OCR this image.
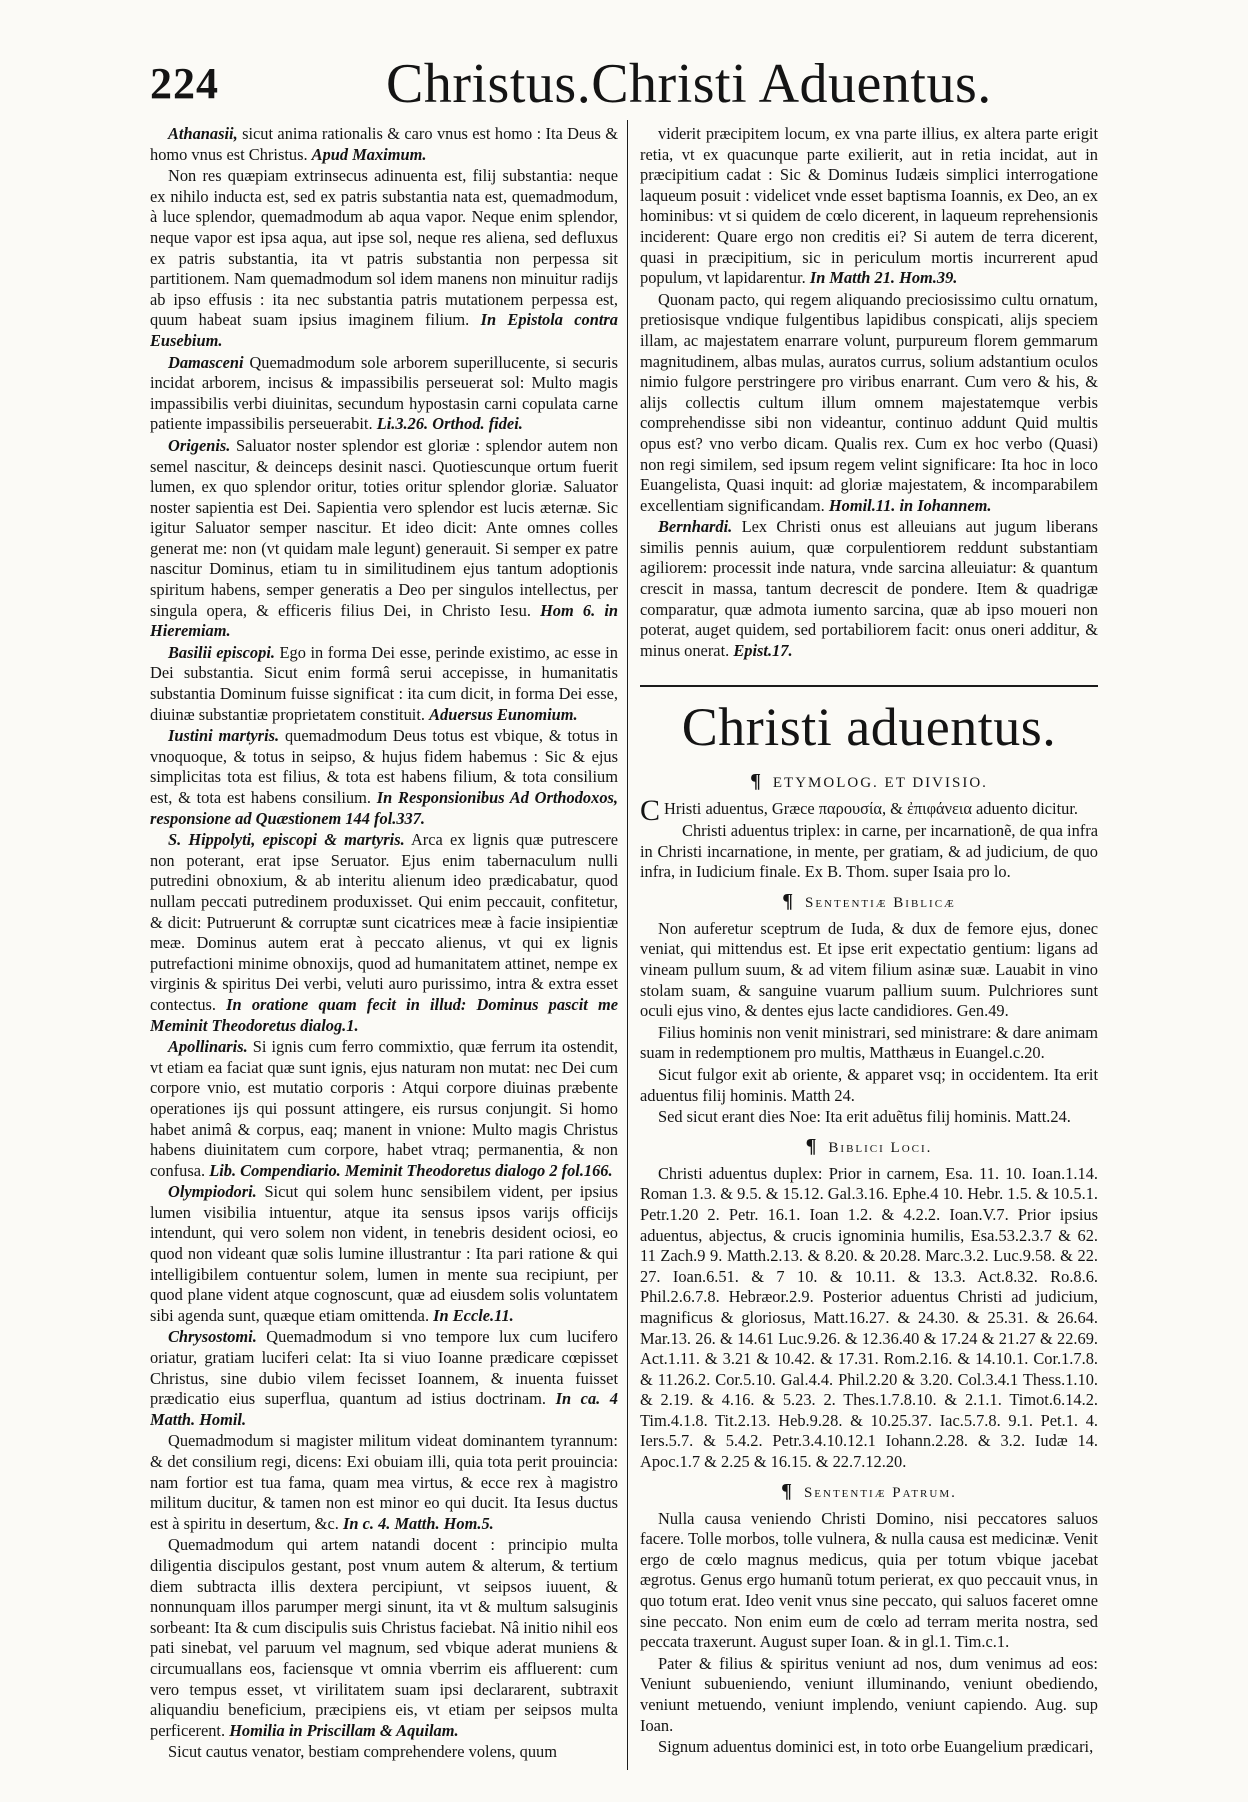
224	Christus.Christi Aduentus.

Athanasii, sicut anima rationalis & caro vnus est homo : Ita Deus & homo vnus est Christus. Apud Maximum.

Non res quæpiam extrinsecus adinuenta est, filij substantia: neque ex nihilo inducta est, sed ex patris substantia nata est, quemadmodum, à luce splendor, quemadmodum ab aqua vapor. Neque enim splendor, neque vapor est ipsa aqua, aut ipse sol, neque res aliena, sed defluxus ex patris substantia, ita vt patris substantia non perpessa sit partitionem. Nam quemadmodum sol idem manens non minuitur radijs ab ipso effusis : ita nec substantia patris mutationem perpessa est, quum habeat suam ipsius imaginem filium. In Epistola contra Eusebium.

Damasceni Quemadmodum sole arborem superillucente, si securis incidat arborem, incisus & impassibilis perseuerat sol: Multo magis impassibilis verbi diuinitas, secundum hypostasin carni copulata carne patiente impassibilis perseuerabit. Li.3.26. Orthod. fidei.

Origenis. Saluator noster splendor est gloriæ : splendor autem non semel nascitur, & deinceps desinit nasci. Quotiescunque ortum fuerit lumen, ex quo splendor oritur, toties oritur splendor gloriæ. Saluator noster sapientia est Dei. Sapientia vero splendor est lucis æternæ. Sic igitur Saluator semper nascitur. Et ideo dicit: Ante omnes colles generat me: non (vt quidam male legunt) generauit. Si semper ex patre nascitur Dominus, etiam tu in similitudinem ejus tantum adoptionis spiritum habens, semper generatis a Deo per singulos intellectus, per singula opera, & efficeris filius Dei, in Christo Iesu. Hom 6. in Hieremiam.

Basilii episcopi. Ego in forma Dei esse, perinde existimo, ac esse in Dei substantia. Sicut enim formâ serui accepisse, in humanitatis substantia Dominum fuisse significat : ita cum dicit, in forma Dei esse, diuinæ substantiæ proprietatem constituit. Aduersus Eunomium.

Iustini martyris. quemadmodum Deus totus est vbique, & totus in vnoquoque, & totus in seipso, & hujus fidem habemus : Sic & ejus simplicitas tota est filius, & tota est habens filium, & tota consilium est, & tota est habens consilium. In Responsionibus Ad Orthodoxos, responsione ad Quæstionem 144 fol.337.

S. Hippolyti, episcopi & martyris. Arca ex lignis quæ putrescere non poterant, erat ipse Seruator. Ejus enim tabernaculum nulli putredini obnoxium, & ab interitu alienum ideo prædicabatur, quod nullam peccati putredinem produxisset. Qui enim peccauit, confitetur, & dicit: Putruerunt & corruptæ sunt cicatrices meæ à facie insipientiæ meæ. Dominus autem erat à peccato alienus, vt qui ex lignis putrefactioni minime obnoxijs, quod ad humanitatem attinet, nempe ex virginis & spiritus Dei verbi, veluti auro purissimo, intra & extra esset contectus. In oratione quam fecit in illud: Dominus pascit me Meminit Theodoretus dialog.1.

Apollinaris. Si ignis cum ferro commixtio, quæ ferrum ita ostendit, vt etiam ea faciat quæ sunt ignis, ejus naturam non mutat: nec Dei cum corpore vnio, est mutatio corporis : Atqui corpore diuinas præbente operationes ijs qui possunt attingere, eis rursus conjungit. Si homo habet animâ & corpus, eaq; manent in vnione: Multo magis Christus habens diuinitatem cum corpore, habet vtraq; permanentia, & non confusa. Lib. Compendiario. Meminit Theodoretus dialogo 2 fol.166.

Olympiodori. Sicut qui solem hunc sensibilem vident, per ipsius lumen visibilia intuentur, atque ita sensus ipsos varijs officijs intendunt, qui vero solem non vident, in tenebris desident ociosi, eo quod non videant quæ solis lumine illustrantur : Ita pari ratione & qui intelligibilem contuentur solem, lumen in mente sua recipiunt, per quod plane vident atque cognoscunt, quæ ad eiusdem solis voluntatem sibi agenda sunt, quæque etiam omittenda. In Eccle.11.

Chrysostomi. Quemadmodum si vno tempore lux cum lucifero oriatur, gratiam luciferi celat: Ita si viuo Ioanne prædicare cœpisset Christus, sine dubio vilem fecisset Ioannem, & inuenta fuisset prædicatio eius superflua, quantum ad istius doctrinam. In ca. 4 Matth. Homil.

Quemadmodum si magister militum videat dominantem tyrannum: & det consilium regi, dicens: Exi obuiam illi, quia tota perit prouincia: nam fortior est tua fama, quam mea virtus, & ecce rex à magistro militum ducitur, & tamen non est minor eo qui ducit. Ita Iesus ductus est à spiritu in desertum, &c. In c. 4. Matth. Hom.5.

Quemadmodum qui artem natandi docent : principio multa diligentia discipulos gestant, post vnum autem & alterum, & tertium diem subtracta illis dextera percipiunt, vt seipsos iuuent, & nonnunquam illos parumper mergi sinunt, ita vt & multum salsuginis sorbeant: Ita & cum discipulis suis Christus faciebat. Nâ initio nihil eos pati sinebat, vel paruum vel magnum, sed vbique aderat muniens & circumuallans eos, faciensque vt omnia vberrim eis affluerent: cum vero tempus esset, vt virilitatem suam ipsi declararent, subtraxit aliquandiu beneficium, præcipiens eis, vt etiam per seipsos multa perficerent. Homilia in Priscillam & Aquilam.

Sicut cautus venator, bestiam comprehendere volens, quum

viderit præcipitem locum, ex vna parte illius, ex altera parte erigit retia, vt ex quacunque parte exilierit, aut in retia incidat, aut in præcipitium cadat : Sic & Dominus Iudæis simplici interrogatione laqueum posuit : videlicet vnde esset baptisma Ioannis, ex Deo, an ex hominibus: vt si quidem de cœlo dicerent, in laqueum reprehensionis inciderent: Quare ergo non creditis ei? Si autem de terra dicerent, quasi in præcipitium, sic in periculum mortis incurrerent apud populum, vt lapidarentur. In Matth 21. Hom.39.

Quonam pacto, qui regem aliquando preciosissimo cultu ornatum, pretiosisque vndique fulgentibus lapidibus conspicati, alijs speciem illam, ac majestatem enarrare volunt, purpureum florem gemmarum magnitudinem, albas mulas, auratos currus, solium adstantium oculos nimio fulgore perstringere pro viribus enarrant. Cum vero & his, & alijs collectis cultum illum omnem majestatemque verbis comprehendisse sibi non videantur, continuo addunt Quid multis opus est? vno verbo dicam. Qualis rex. Cum ex hoc verbo (Quasi) non regi similem, sed ipsum regem velint significare: Ita hoc in loco Euangelista, Quasi inquit: ad gloriæ majestatem, & incomparabilem excellentiam significandam. Homil.11. in Iohannem.

Bernhardi. Lex Christi onus est alleuians aut jugum liberans similis pennis auium, quæ corpulentiorem reddunt substantiam agiliorem: processit inde natura, vnde sarcina alleuiatur: & quantum crescit in massa, tantum decrescit de pondere. Item & quadrigæ comparatur, quæ admota iumento sarcina, quæ ab ipso moueri non poterat, auget quidem, sed portabiliorem facit: onus oneri additur, & minus onerat. Epist.17.

Christi aduentus.
¶ ETYMOLOG. ET DIVISIO.

C Hristi aduentus, Græce παρουσία, & ἐπιφάνεια aduento dicitur.

Christi aduentus triplex: in carne, per incarnationẽ, de qua infra in Christi incarnatione, in mente, per gratiam, & ad judicium, de quo infra, in Iudicium finale. Ex B. Thom. super Isaia pro lo.

¶ Sententiæ Biblicæ

Non auferetur sceptrum de Iuda, & dux de femore ejus, donec veniat, qui mittendus est. Et ipse erit expectatio gentium: ligans ad vineam pullum suum, & ad vitem filium asinæ suæ. Lauabit in vino stolam suam, & sanguine vuarum pallium suum. Pulchriores sunt oculi ejus vino, & dentes ejus lacte candidiores. Gen.49.

Filius hominis non venit ministrari, sed ministrare: & dare animam suam in redemptionem pro multis, Matthæus in Euangel.c.20.

Sicut fulgor exit ab oriente, & apparet vsq; in occidentem. Ita erit aduentus filij hominis. Matth 24.

Sed sicut erant dies Noe: Ita erit aduẽtus filij hominis. Matt.24.

¶ Biblici Loci.

Christi aduentus duplex: Prior in carnem, Esa. 11. 10. Ioan.1.14. Roman 1.3. & 9.5. & 15.12. Gal.3.16. Ephe.4 10. Hebr. 1.5. & 10.5.1. Petr.1.20 2. Petr. 16.1. Ioan 1.2. & 4.2.2. Ioan.V.7. Prior ipsius aduentus, abjectus, & crucis ignominia humilis, Esa.53.2.3.7 & 62. 11 Zach.9 9. Matth.2.13. & 8.20. & 20.28. Marc.3.2. Luc.9.58. & 22. 27. Ioan.6.51. & 7 10. & 10.11. & 13.3. Act.8.32. Ro.8.6. Phil.2.6.7.8. Hebræor.2.9. Posterior aduentus Christi ad judicium, magnificus & gloriosus, Matt.16.27. & 24.30. & 25.31. & 26.64. Mar.13. 26. & 14.61 Luc.9.26. & 12.36.40 & 17.24 & 21.27 & 22.69. Act.1.11. & 3.21 & 10.42. & 17.31. Rom.2.16. & 14.10.1. Cor.1.7.8. & 11.26.2. Cor.5.10. Gal.4.4. Phil.2.20 & 3.20. Col.3.4.1 Thess.1.10. & 2.19. & 4.16. & 5.23. 2. Thes.1.7.8.10. & 2.1.1. Timot.6.14.2. Tim.4.1.8. Tit.2.13. Heb.9.28. & 10.25.37. Iac.5.7.8. 9.1. Pet.1. 4. Iers.5.7. & 5.4.2. Petr.3.4.10.12.1 Iohann.2.28. & 3.2. Iudæ 14. Apoc.1.7 & 2.25 & 16.15. & 22.7.12.20.

¶ Sententiæ Patrum.

Nulla causa veniendo Christi Domino, nisi peccatores saluos facere. Tolle morbos, tolle vulnera, & nulla causa est medicinæ. Venit ergo de cœlo magnus medicus, quia per totum vbique jacebat ægrotus. Genus ergo humanũ totum perierat, ex quo peccauit vnus, in quo totum erat. Ideo venit vnus sine peccato, qui saluos faceret omne sine peccato. Non enim eum de cœlo ad terram merita nostra, sed peccata traxerunt. August super Ioan. & in gl.1. Tim.c.1.

Pater & filius & spiritus veniunt ad nos, dum venimus ad eos: Veniunt subueniendo, veniunt illuminando, veniunt obediendo, veniunt metuendo, veniunt implendo, veniunt capiendo. Aug. sup Ioan.

Signum aduentus dominici est, in toto orbe Euangelium prædicari,
